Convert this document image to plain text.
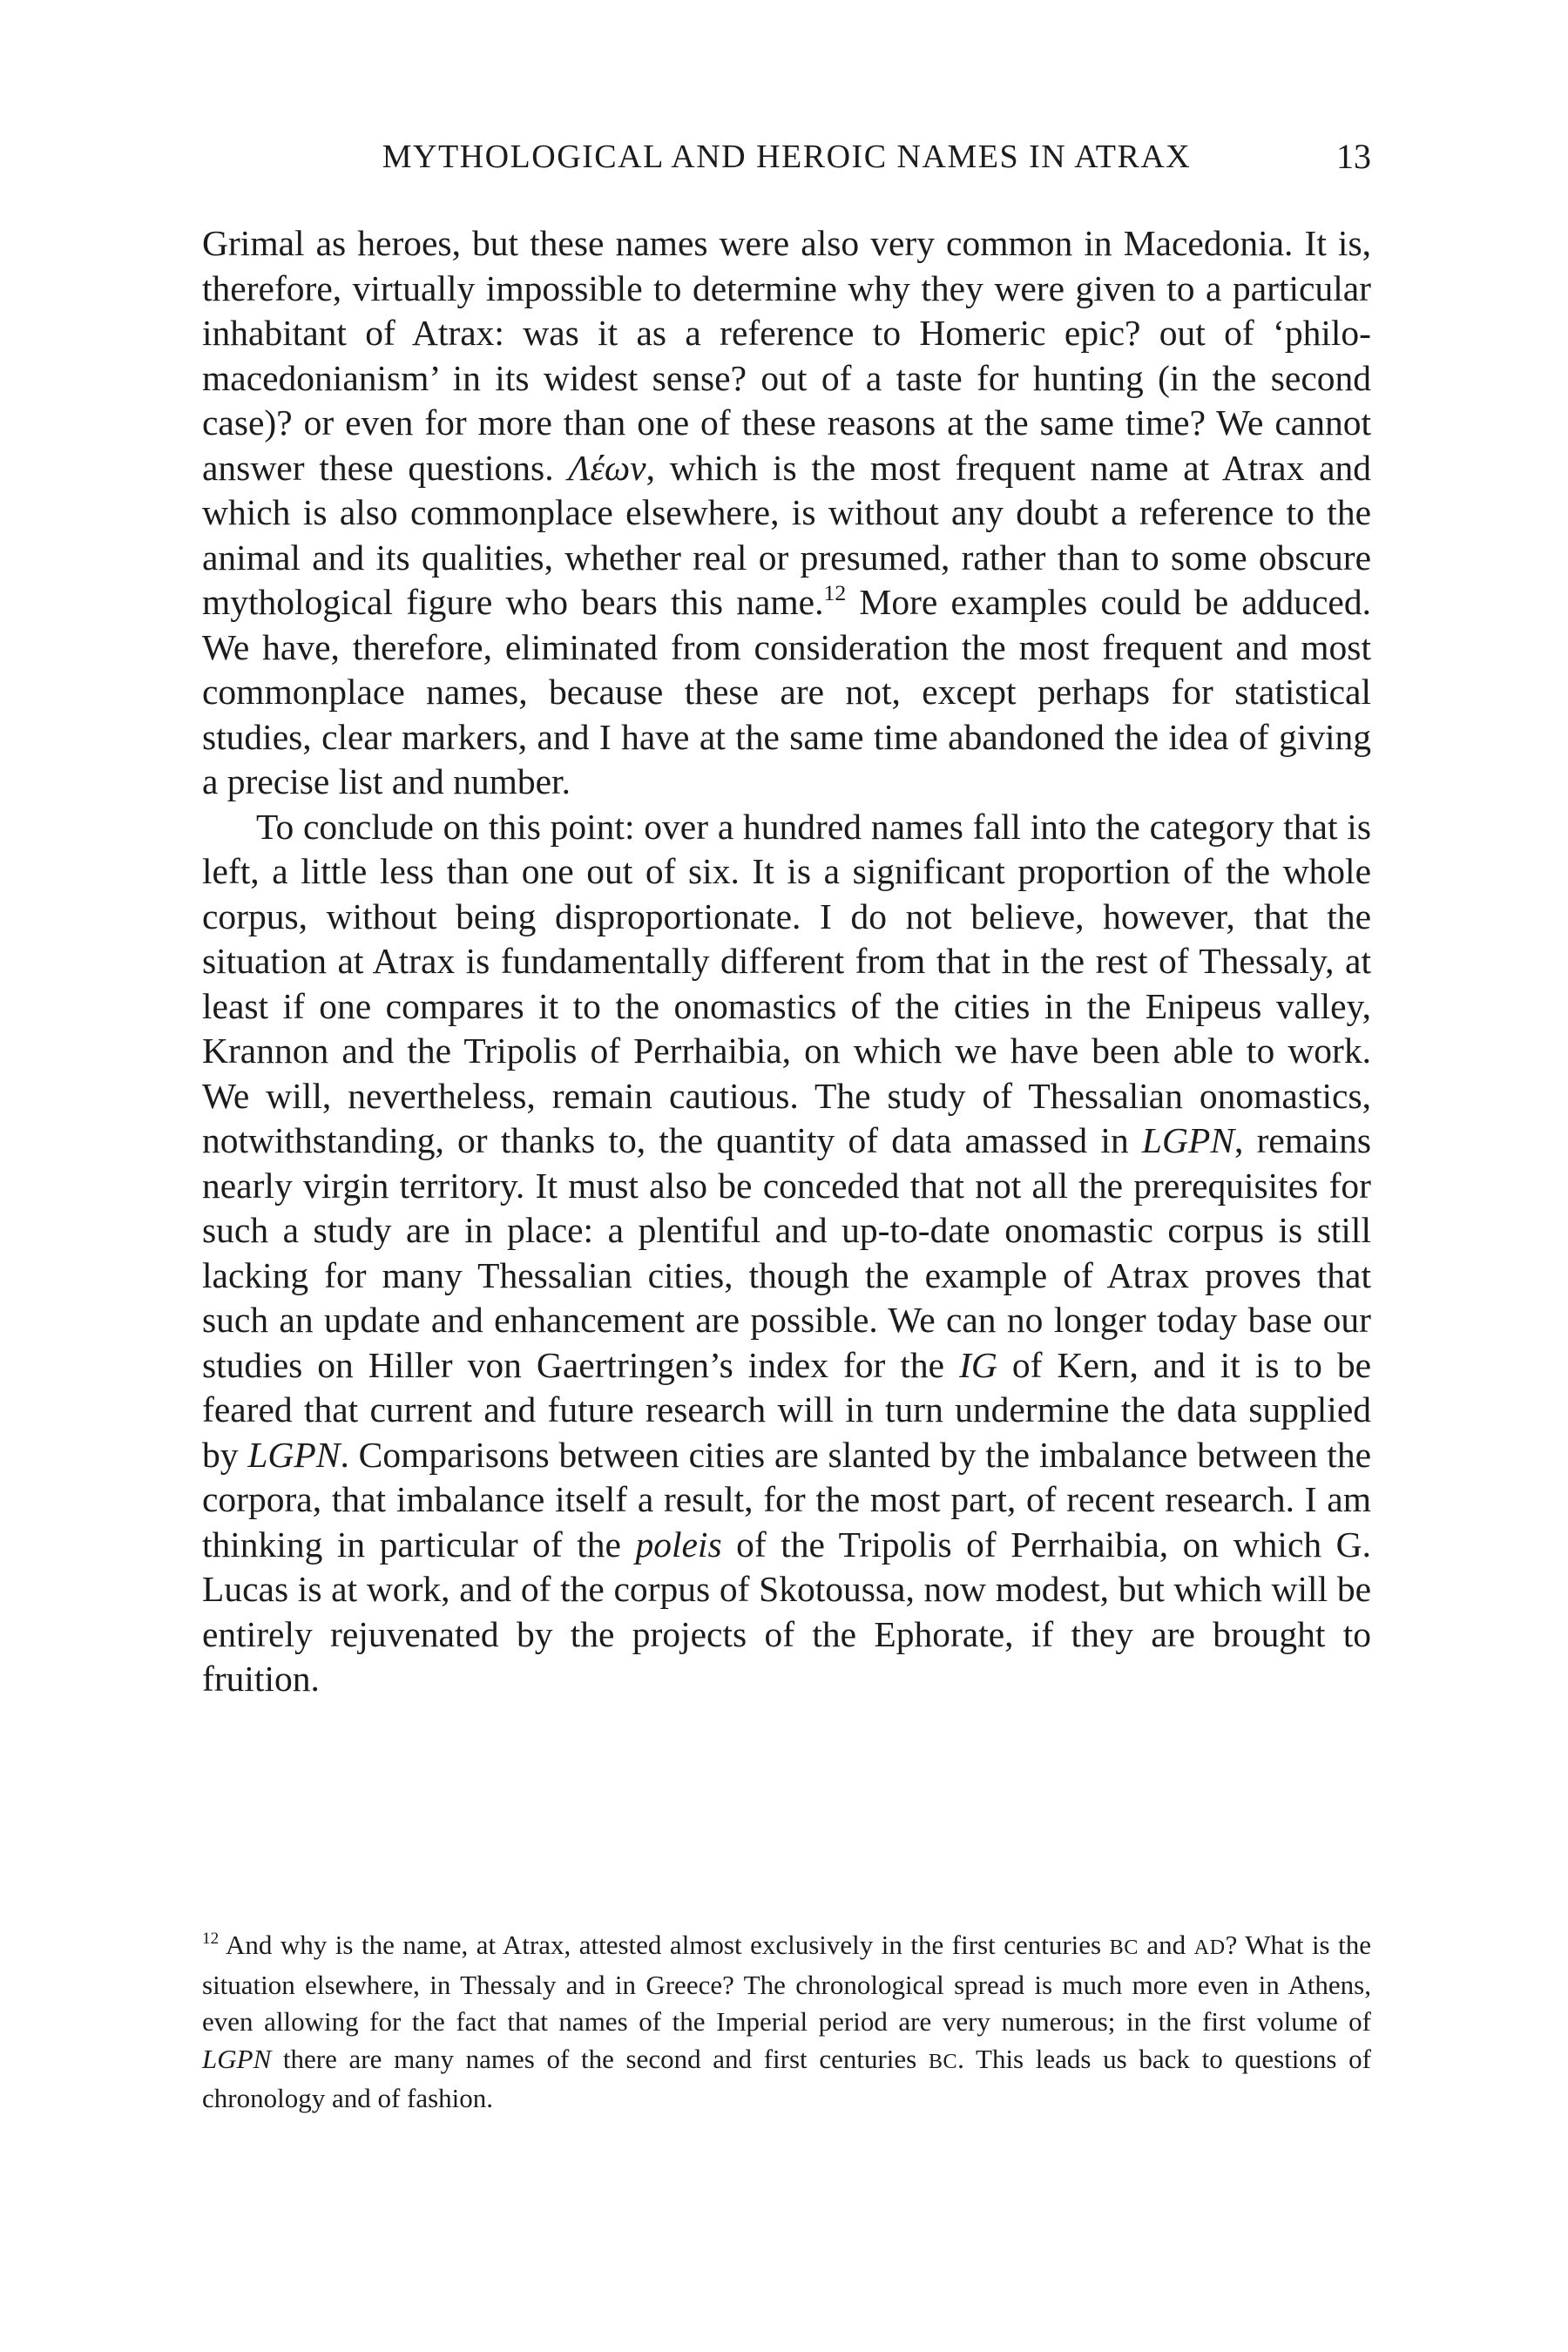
MYTHOLOGICAL AND HEROIC NAMES IN ATRAX	13

Grimal as heroes, but these names were also very common in Macedonia. It is, therefore, virtually impossible to determine why they were given to a particular inhabitant of Atrax: was it as a reference to Homeric epic? out of ‘philo-macedonianism’ in its widest sense? out of a taste for hunting (in the second case)? or even for more than one of these reasons at the same time? We cannot answer these questions. Λέων, which is the most frequent name at Atrax and which is also commonplace elsewhere, is without any doubt a reference to the animal and its qualities, whether real or presumed, rather than to some obscure mythological figure who bears this name.$^{12}$ More examples could be adduced. We have, therefore, eliminated from consideration the most frequent and most commonplace names, because these are not, except perhaps for statistical studies, clear markers, and I have at the same time abandoned the idea of giving a precise list and number.

To conclude on this point: over a hundred names fall into the category that is left, a little less than one out of six. It is a significant proportion of the whole corpus, without being disproportionate. I do not believe, however, that the situation at Atrax is fundamentally different from that in the rest of Thessaly, at least if one compares it to the onomastics of the cities in the Enipeus valley, Krannon and the Tripolis of Perrhaibia, on which we have been able to work. We will, nevertheless, remain cautious. The study of Thessalian onomastics, notwithstanding, or thanks to, the quantity of data amassed in LGPN, remains nearly virgin territory. It must also be conceded that not all the prerequisites for such a study are in place: a plentiful and up-to-date onomastic corpus is still lacking for many Thessalian cities, though the example of Atrax proves that such an update and enhancement are possible. We can no longer today base our studies on Hiller von Gaertringen’s index for the IG of Kern, and it is to be feared that current and future research will in turn undermine the data supplied by LGPN. Comparisons between cities are slanted by the imbalance between the corpora, that imbalance itself a result, for the most part, of recent research. I am thinking in particular of the poleis of the Tripolis of Perrhaibia, on which G. Lucas is at work, and of the corpus of Skotoussa, now modest, but which will be entirely rejuvenated by the projects of the Ephorate, if they are brought to fruition.

$^{12}$ And why is the name, at Atrax, attested almost exclusively in the first centuries BC and AD? What is the situation elsewhere, in Thessaly and in Greece? The chronological spread is much more even in Athens, even allowing for the fact that names of the Imperial period are very numerous; in the first volume of LGPN there are many names of the second and first centuries BC. This leads us back to questions of chronology and of fashion.
